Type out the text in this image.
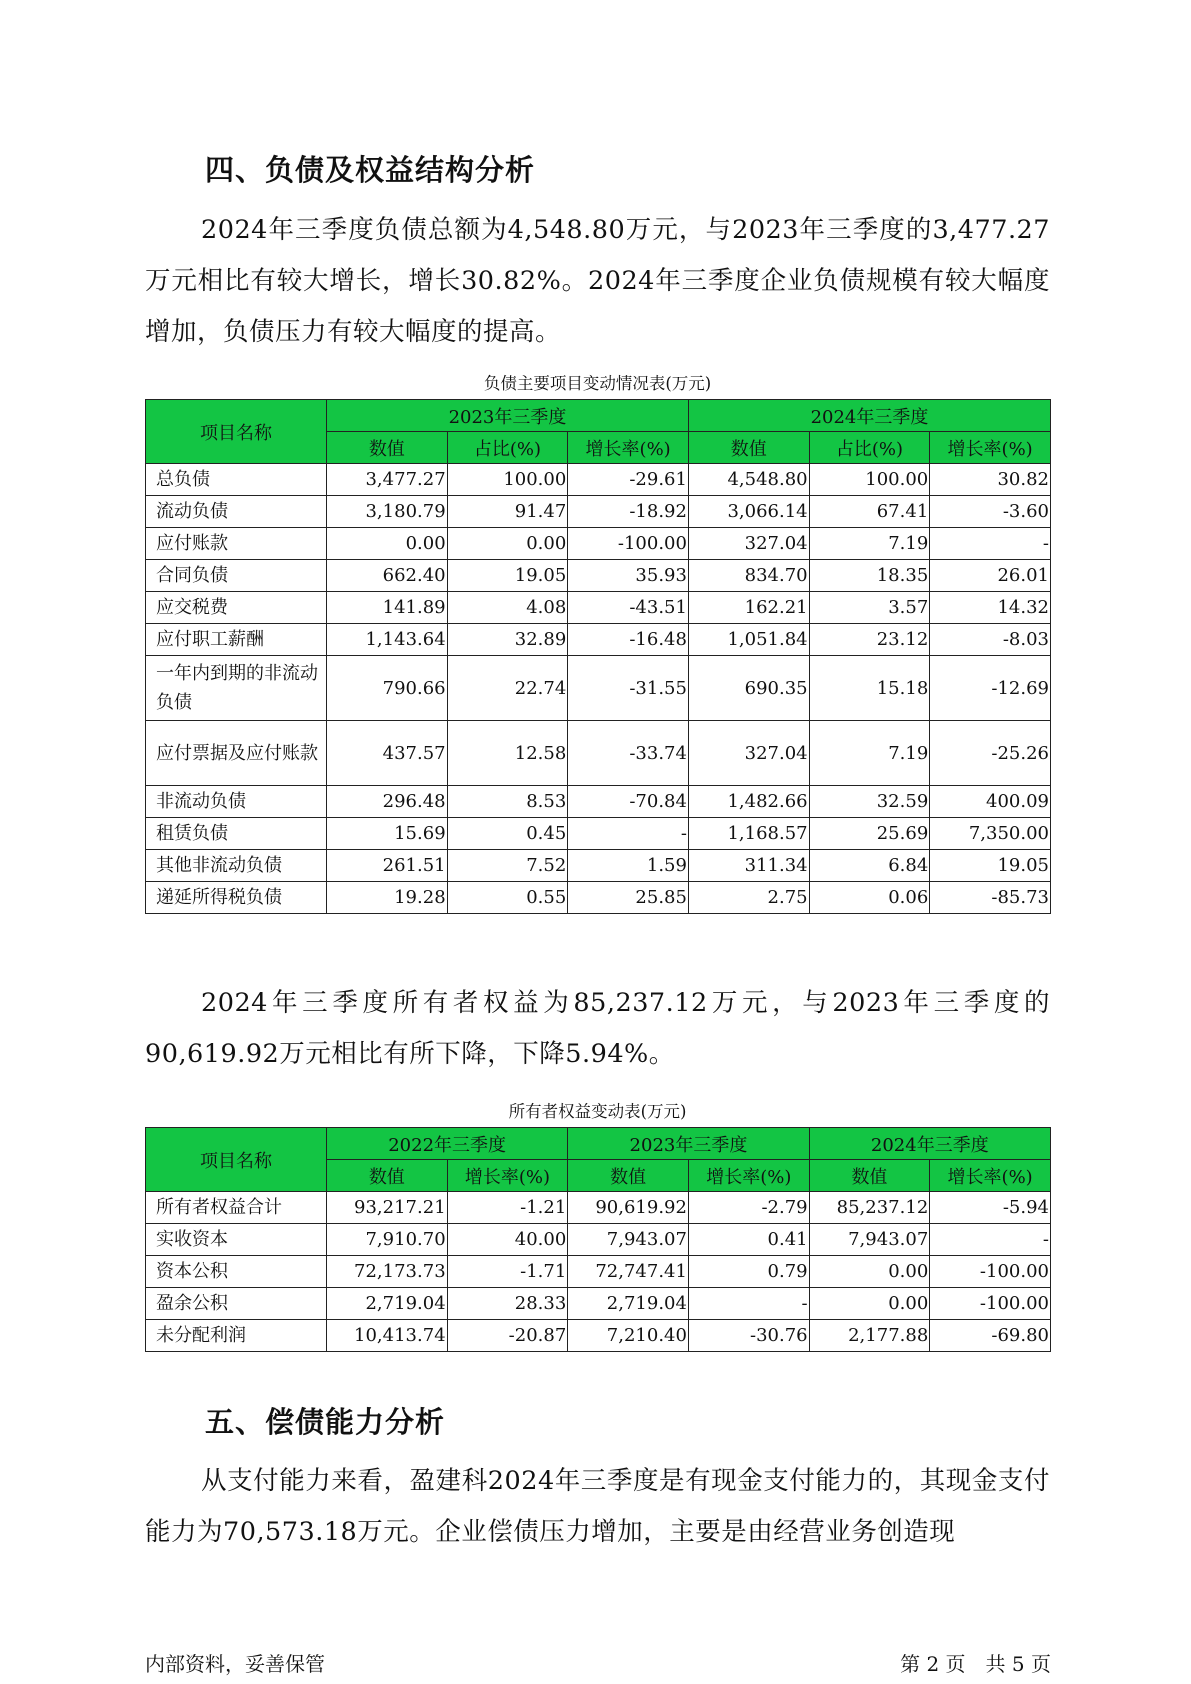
四、负债及权益结构分析

2024年三季度负债总额为4,548.80万元，与2023年三季度的3,477.27万元相比有较大增长，增长30.82%。2024年三季度企业负债规模有较大幅度增加，负债压力有较大幅度的提高。

负债主要项目变动情况表(万元)
项目名称	2023年三季度			2024年三季度		
	数值	占比(%)	增长率(%)	数值	占比(%)	增长率(%)
总负债	3,477.27	100.00	-29.61	4,548.80	100.00	30.82
流动负债	3,180.79	91.47	-18.92	3,066.14	67.41	-3.60
应付账款	0.00	0.00	-100.00	327.04	7.19	-
合同负债	662.40	19.05	35.93	834.70	18.35	26.01
应交税费	141.89	4.08	-43.51	162.21	3.57	14.32
应付职工薪酬	1,143.64	32.89	-16.48	1,051.84	23.12	-8.03
一年内到期的非流动负债	790.66	22.74	-31.55	690.35	15.18	-12.69
应付票据及应付账款	437.57	12.58	-33.74	327.04	7.19	-25.26
非流动负债	296.48	8.53	-70.84	1,482.66	32.59	400.09
租赁负债	15.69	0.45	-	1,168.57	25.69	7,350.00
其他非流动负债	261.51	7.52	1.59	311.34	6.84	19.05
递延所得税负债	19.28	0.55	25.85	2.75	0.06	-85.73

2024年三季度所有者权益为85,237.12万元，与2023年三季度的90,619.92万元相比有所下降，下降5.94%。

所有者权益变动表(万元)
项目名称	2022年三季度		2023年三季度		2024年三季度	
	数值	增长率(%)	数值	增长率(%)	数值	增长率(%)
所有者权益合计	93,217.21	-1.21	90,619.92	-2.79	85,237.12	-5.94
实收资本	7,910.70	40.00	7,943.07	0.41	7,943.07	-
资本公积	72,173.73	-1.71	72,747.41	0.79	0.00	-100.00
盈余公积	2,719.04	28.33	2,719.04	-	0.00	-100.00
未分配利润	10,413.74	-20.87	7,210.40	-30.76	2,177.88	-69.80
五、偿债能力分析

从支付能力来看，盈建科2024年三季度是有现金支付能力的，其现金支付能力为70,573.18万元。企业偿债压力增加，主要是由经营业务创造现

内部资料，妥善保管	第 2 页　共 5 页
